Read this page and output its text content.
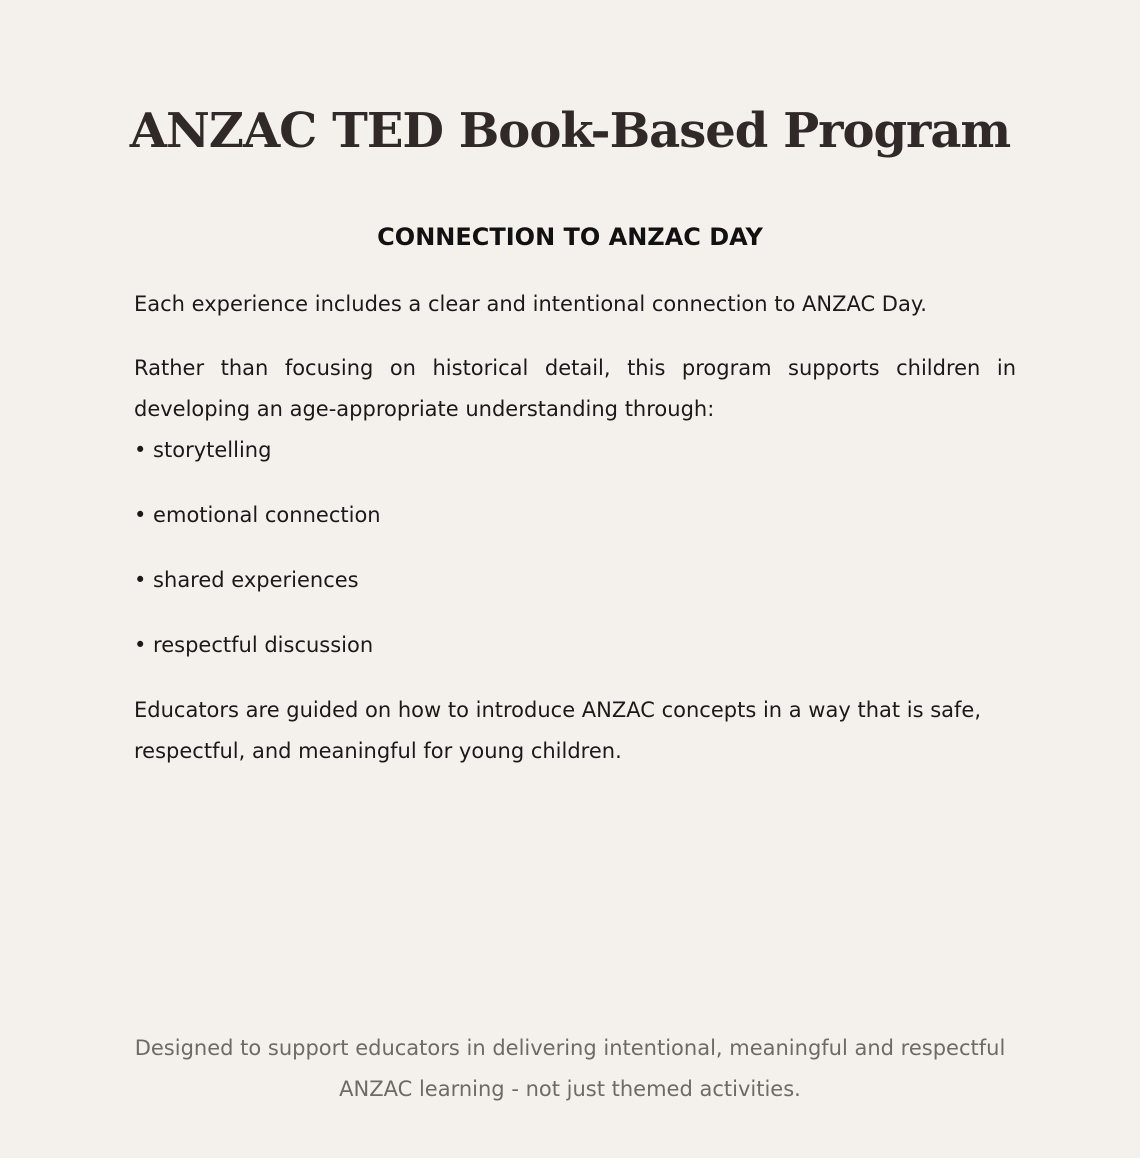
ANZAC TED Book-Based Program
CONNECTION TO ANZAC DAY

Each experience includes a clear and intentional connection to ANZAC Day.

Rather than focusing on historical detail, this program supports children in developing an age-appropriate understanding through:

• storytelling
• emotional connection
• shared experiences
• respectful discussion

Educators are guided on how to introduce ANZAC concepts in a way that is safe, respectful, and meaningful for young children.

Designed to support educators in delivering intentional, meaningful and respectful ANZAC learning - not just themed activities.
